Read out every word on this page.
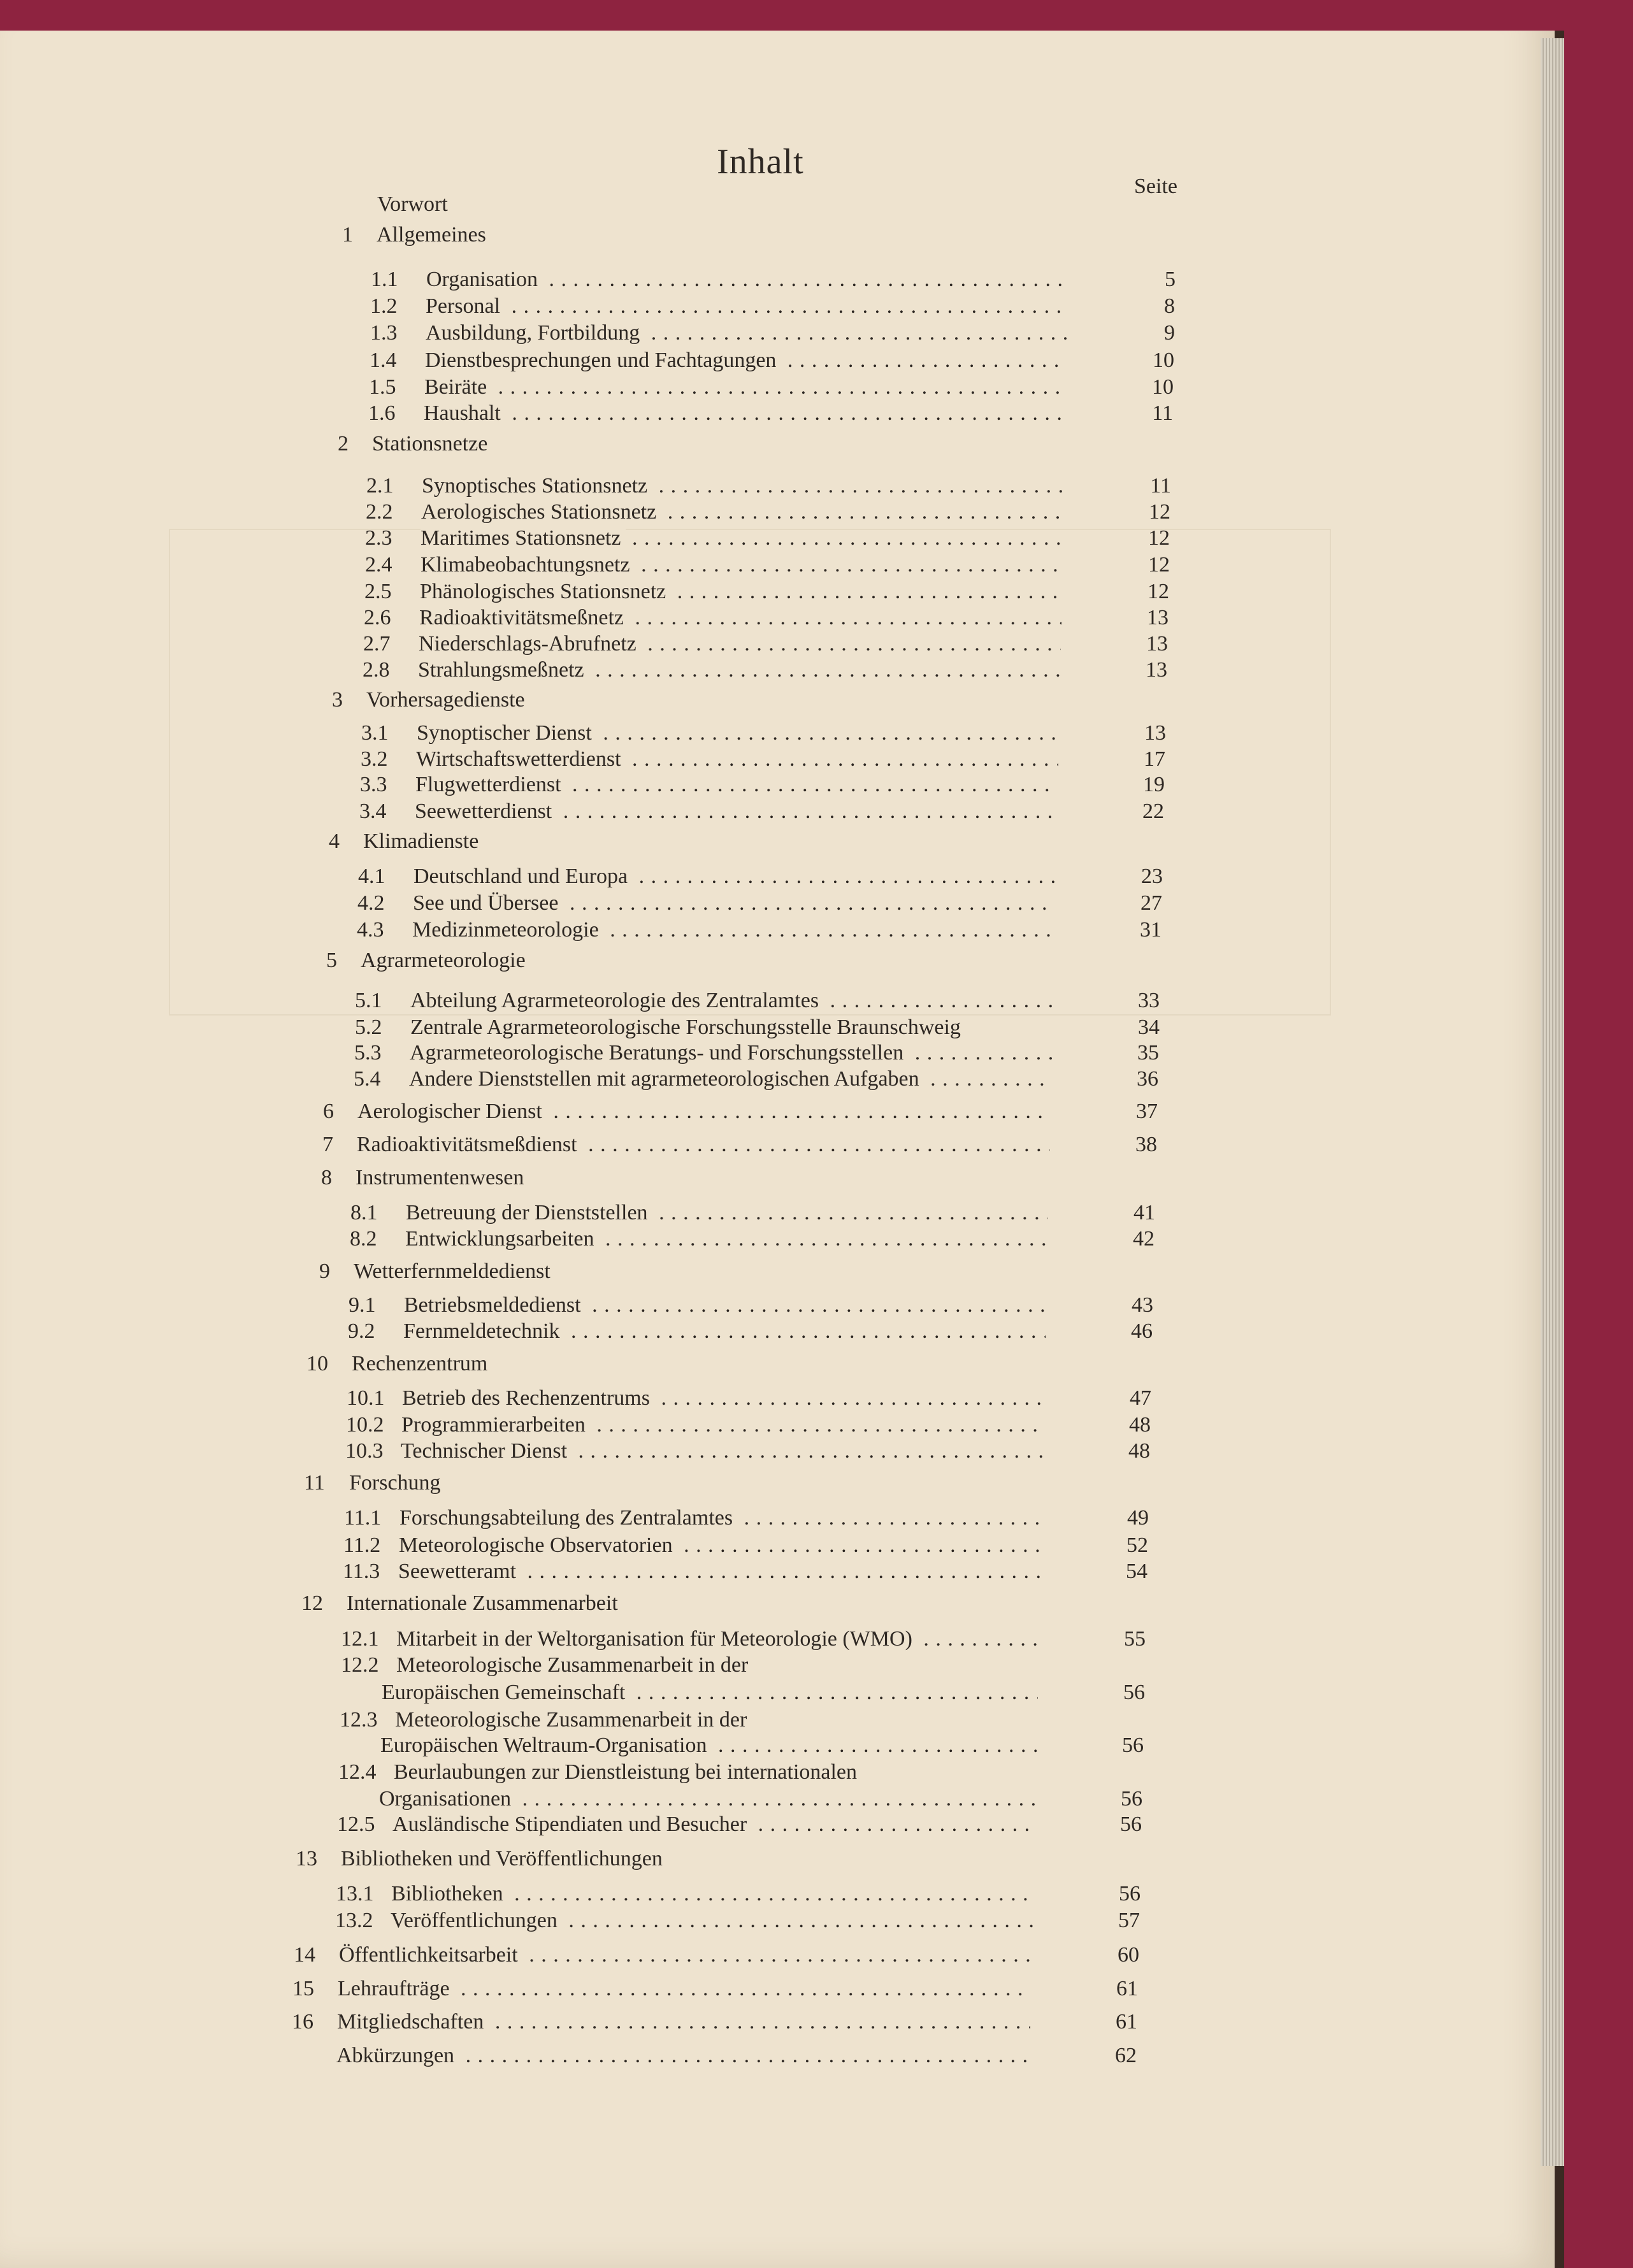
Inhalt
Seite
Vorwort
1 Allgemeines
1.1 Organisation . . .	5
1.2 Personal . . .	8
1.3 Ausbildung, Fortbildung . . .	9
1.4 Dienstbesprechungen und Fachtagungen . . .	10
1.5 Beiräte . . .	10
1.6 Haushalt . . .	11
2 Stationsnetze
2.1 Synoptisches Stationsnetz . . .	11
2.2 Aerologisches Stationsnetz . . .	12
2.3 Maritimes Stationsnetz . . .	12
2.4 Klimabeobachtungsnetz . . .	12
2.5 Phänologisches Stationsnetz . . .	12
2.6 Radioaktivitätsmeßnetz . . .	13
2.7 Niederschlags-Abrufnetz . . .	13
2.8 Strahlungsmeßnetz . . .	13
3 Vorhersagedienste
3.1 Synoptischer Dienst . . .	13
3.2 Wirtschaftswetterdienst . . .	17
3.3 Flugwetterdienst . . .	19
3.4 Seewetterdienst . . .	22
4 Klimadienste
4.1 Deutschland und Europa . . .	23
4.2 See und Übersee . . .	27
4.3 Medizinmeteorologie . . .	31
5 Agrarmeteorologie
5.1 Abteilung Agrarmeteorologie des Zentralamtes . . .	33
5.2 Zentrale Agrarmeteorologische Forschungsstelle Braunschweig	34
5.3 Agrarmeteorologische Beratungs- und Forschungsstellen . . .	35
5.4 Andere Dienststellen mit agrarmeteorologischen Aufgaben . . .	36
6 Aerologischer Dienst . . .	37
7 Radioaktivitätsmeßdienst . . .	38
8 Instrumentenwesen
8.1 Betreuung der Dienststellen . . .	41
8.2 Entwicklungsarbeiten . . .	42
9 Wetterfernmeldedienst
9.1 Betriebsmeldedienst . . .	43
9.2 Fernmeldetechnik . . .	46
10 Rechenzentrum
10.1 Betrieb des Rechenzentrums . . .	47
10.2 Programmierarbeiten . . .	48
10.3 Technischer Dienst . . .	48
11 Forschung
11.1 Forschungsabteilung des Zentralamtes . . .	49
11.2 Meteorologische Observatorien . . .	52
11.3 Seewetteramt . . .	54
12 Internationale Zusammenarbeit
12.1 Mitarbeit in der Weltorganisation für Meteorologie (WMO) . . .	55
12.2 Meteorologische Zusammenarbeit in der
Europäischen Gemeinschaft . . .	56
12.3 Meteorologische Zusammenarbeit in der
Europäischen Weltraum-Organisation . . .	56
12.4 Beurlaubungen zur Dienstleistung bei internationalen
Organisationen . . .	56
12.5 Ausländische Stipendiaten und Besucher . . .	56
13 Bibliotheken und Veröffentlichungen
13.1 Bibliotheken . . .	56
13.2 Veröffentlichungen . . .	57
14 Öffentlichkeitsarbeit . . .	60
15 Lehraufträge . . .	61
16 Mitgliedschaften . . .	61
Abkürzungen . . .	62
